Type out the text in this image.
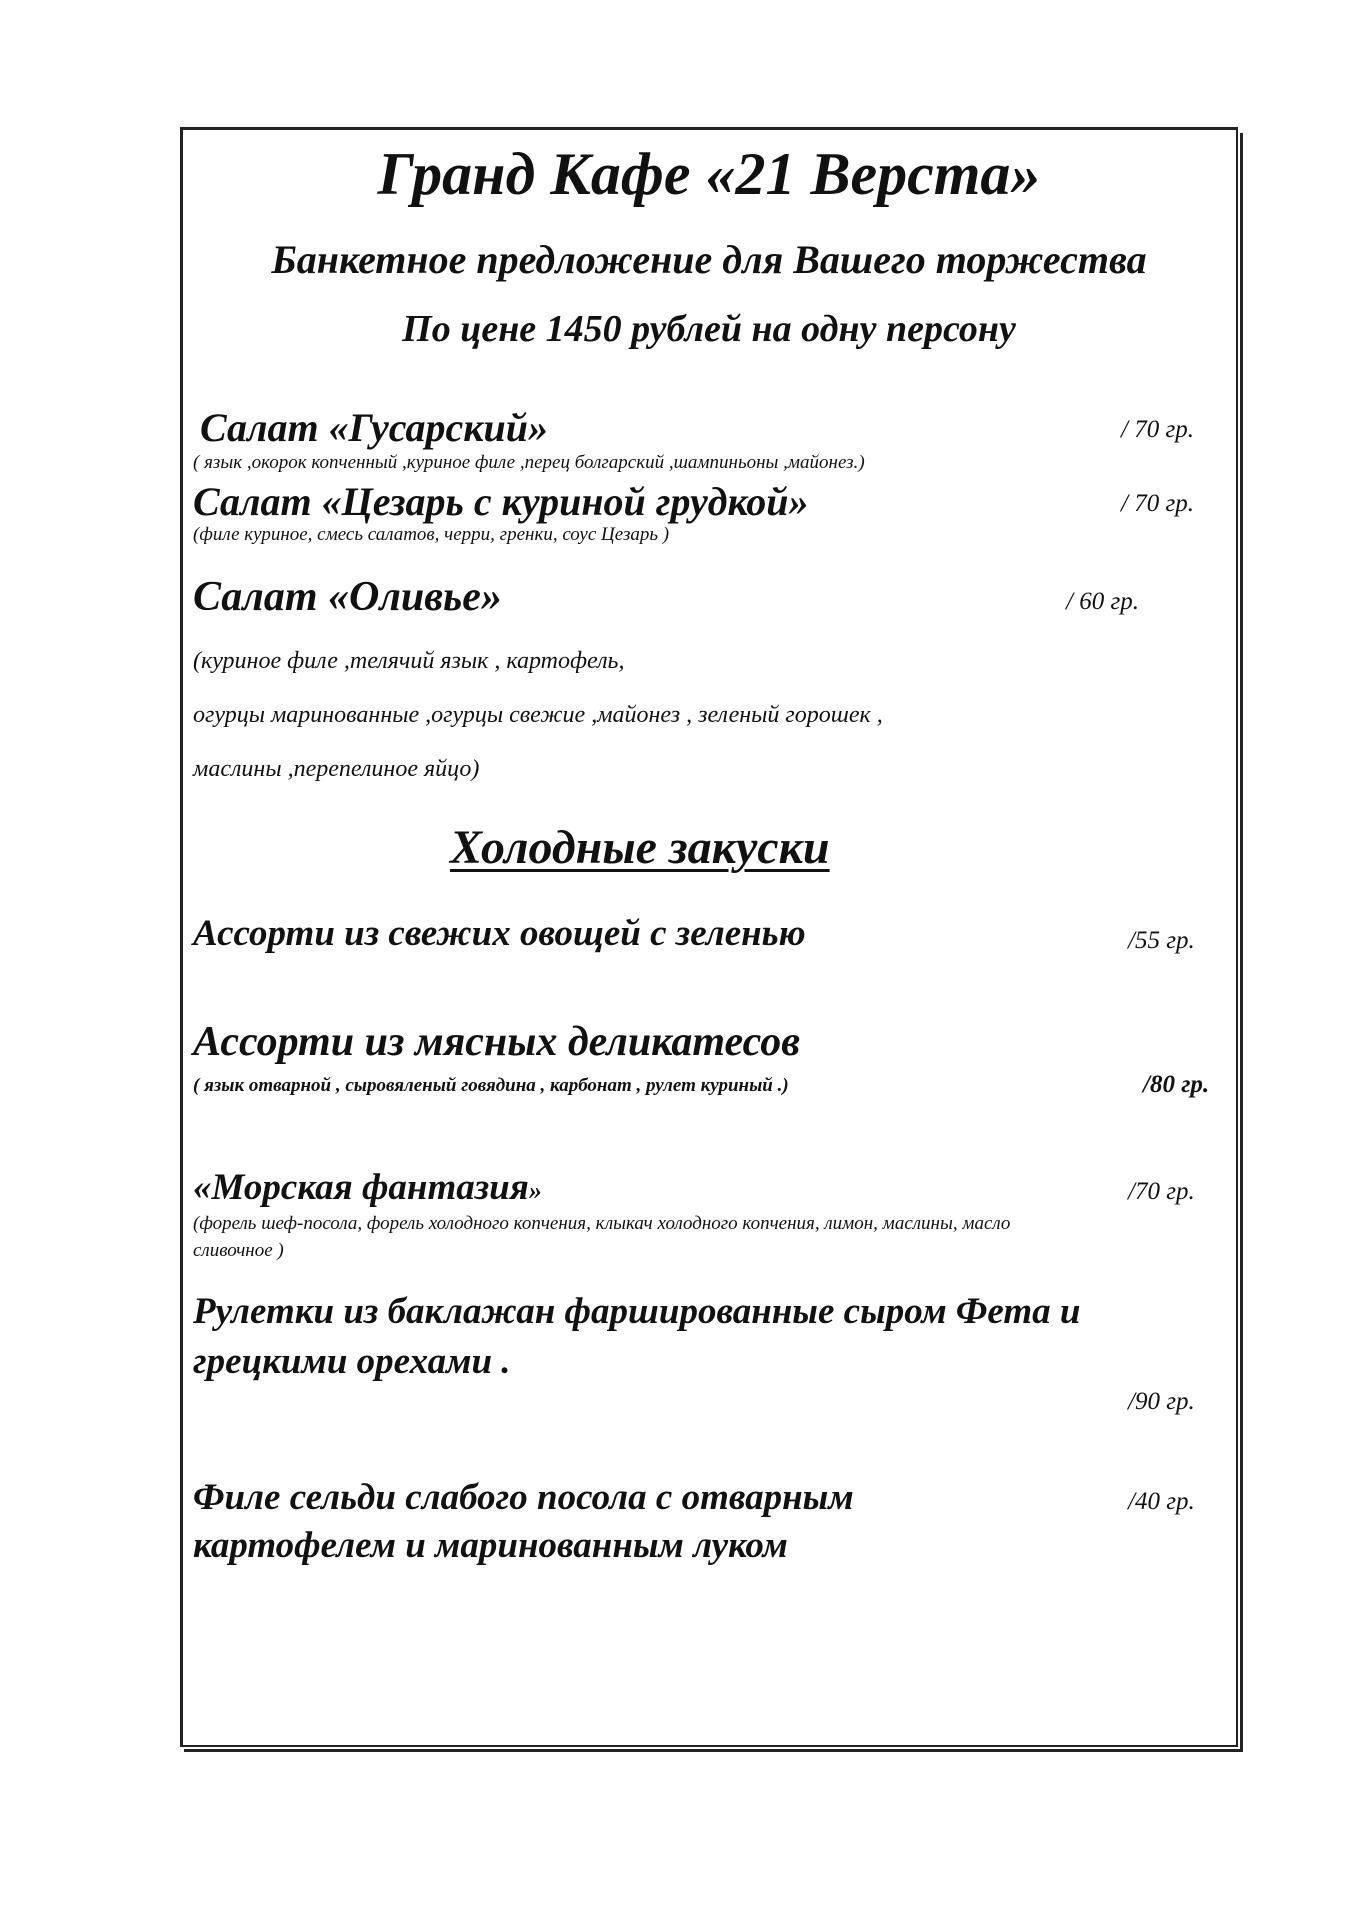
Гранд Кафе «21 Верста»
Банкетное предложение для Вашего торжества
По цене 1450 рублей на одну персону
Салат «Гусарский»	/ 70 гр.
( язык ,окорок копченный ,куриное филе ,перец болгарский ,шампиньоны ,майонез.)
Салат «Цезарь с куриной грудкой»	/ 70 гр.
(филе куриное, смесь салатов, черри, гренки, соус Цезарь )
Салат «Оливье»	/ 60 гр.
(куриное филе ,телячий язык , картофель,
огурцы маринованные ,огурцы свежие ,майонез , зеленый горошек ,
маслины ,перепелиное яйцо)
Холодные закуски
Ассорти из свежих овощей с зеленью	/55 гр.
Ассорти из мясных деликатесов
( язык отварной , сыровяленый говядина , карбонат , рулет куриный .)	/80 гр.
«Морская фантазия»	/70 гр.
(форель шеф-посола, форель холодного копчения, клыкач холодного копчения, лимон, маслины, масло
сливочное )
Рулетки из баклажан фаршированные сыром Фета и
грецкими орехами .
/90 гр.
Филе сельди слабого посола с отварным
картофелем и маринованным луком
/40 гр.
